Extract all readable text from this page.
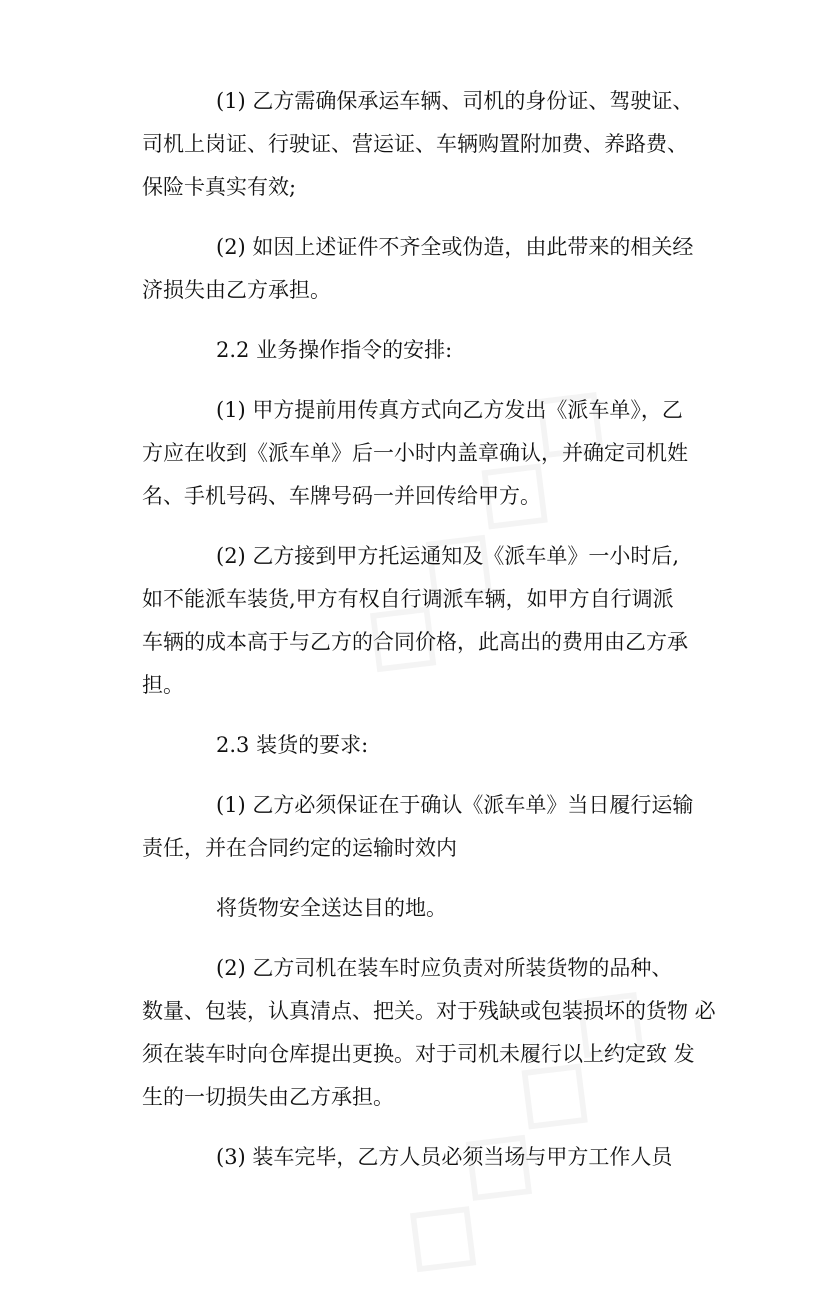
(1) 乙方需确保承运车辆、司机的身份证、驾驶证、
司机上岗证、行驶证、营运证、车辆购置附加费、养路费、
保险卡真实有效;
(2) 如因上述证件不齐全或伪造，由此带来的相关经
济损失由乙方承担。
2.2 业务操作指令的安排:
(1) 甲方提前用传真方式向乙方发出《派车单》，乙
方应在收到《派车单》后一小时内盖章确认，并确定司机姓
名、手机号码、车牌号码一并回传给甲方。
(2) 乙方接到甲方托运通知及《派车单》一小时后,
如不能派车装货,甲方有权自行调派车辆，如甲方自行调派
车辆的成本高于与乙方的合同价格，此高出的费用由乙方承
担。
2.3 装货的要求:
(1) 乙方必须保证在于确认《派车单》当日履行运输
责任，并在合同约定的运输时效内
将货物安全送达目的地。
(2) 乙方司机在装车时应负责对所装货物的品种、
数量、包装，认真清点、把关。对于残缺或包装损坏的货物 必
须在装车时向仓库提出更换。对于司机未履行以上约定致 发
生的一切损失由乙方承担。
(3) 装车完毕，乙方人员必须当场与甲方工作人员
